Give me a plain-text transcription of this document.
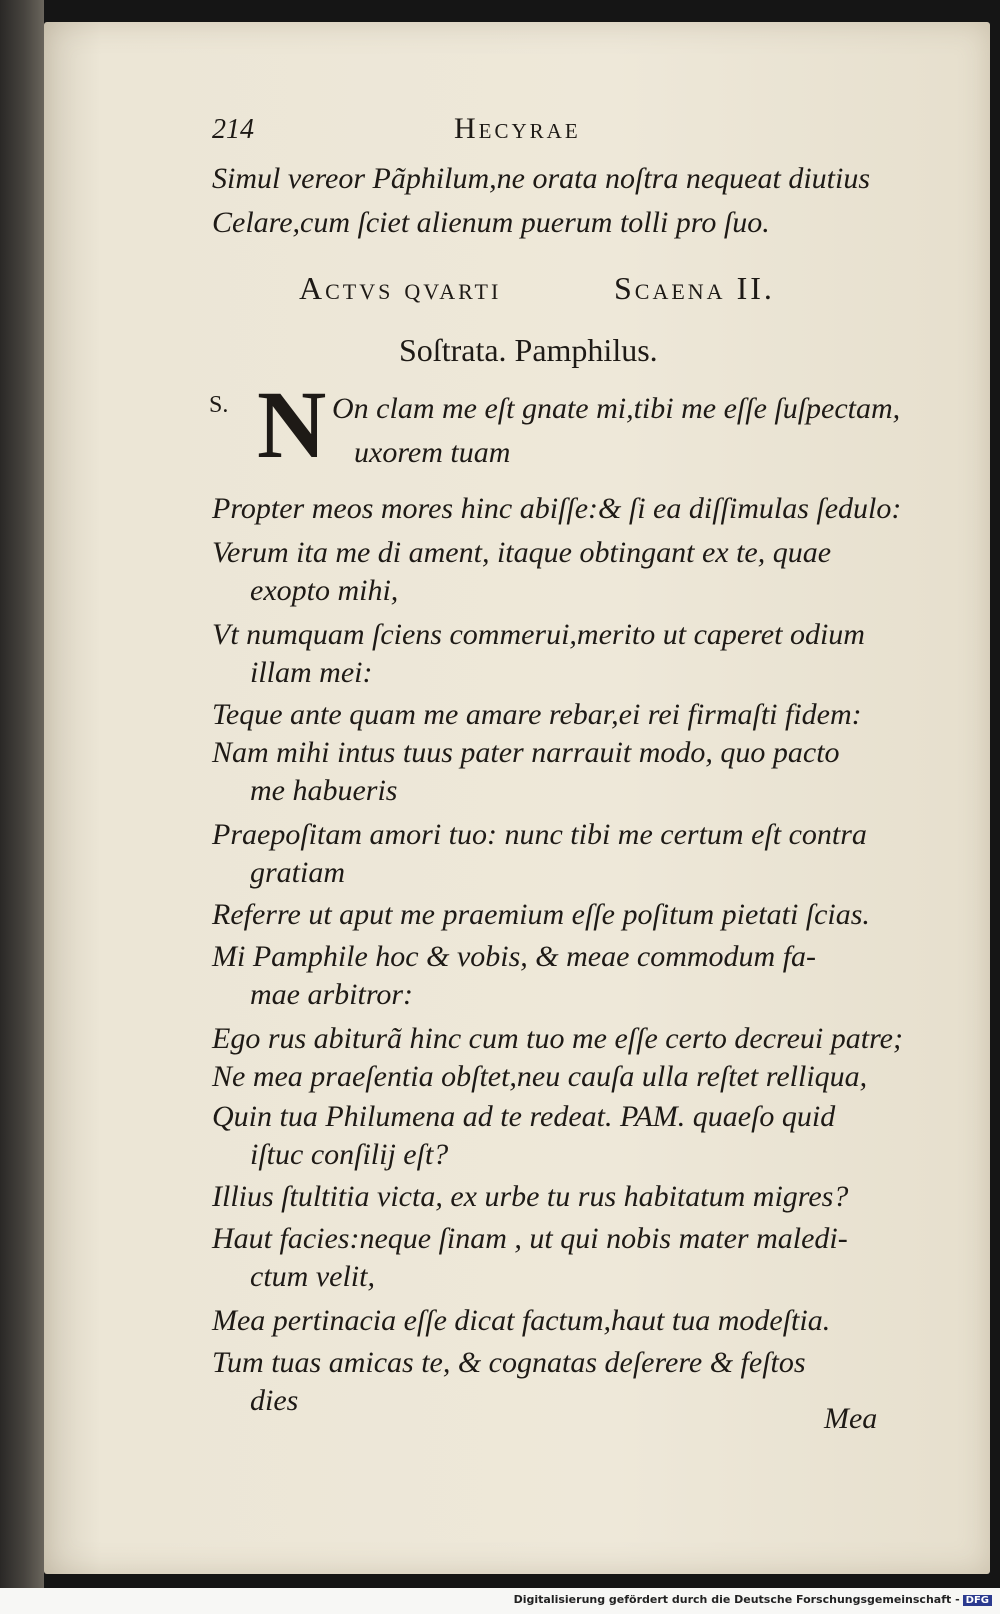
214	Hecyrae
Simul vereor Pãphilum,ne orata noſtra nequeat diutius
Celare,cum ſciet alienum puerum tolli pro ſuo.
Actvs qvarti	Scaena II.
Soſtrata. Pamphilus.
S. N On clam me eſt gnate mi,tibi me eſſe ſuſpectam,
uxorem tuam
Propter meos mores hinc abiſſe:& ſi ea diſſimulas ſedulo:
Verum ita me di ament, itaque obtingant ex te, quae
exopto mihi,
Vt numquam ſciens commerui,merito ut caperet odium
illam mei:
Teque ante quam me amare rebar,ei rei firmaſti fidem:
Nam mihi intus tuus pater narrauit modo, quo pacto
me habueris
Praepoſitam amori tuo: nunc tibi me certum eſt contra
gratiam
Referre ut aput me praemium eſſe poſitum pietati ſcias.
Mi Pamphile hoc & vobis, & meae commodum fa-
mae arbitror:
Ego rus abiturã hinc cum tuo me eſſe certo decreui patre;
Ne mea praeſentia obſtet,neu cauſa ulla reſtet relliqua,
Quin tua Philumena ad te redeat. PAM. quaeſo quid
iſtuc conſilij eſt?
Illius ſtultitia victa, ex urbe tu rus habitatum migres?
Haut facies:neque ſinam , ut qui nobis mater maledi-
ctum velit,
Mea pertinacia eſſe dicat factum,haut tua modeſtia.
Tum tuas amicas te, & cognatas deſerere & feſtos
dies
Mea
Digitalisierung gefördert durch die Deutsche Forschungsgemeinschaft - DFG
